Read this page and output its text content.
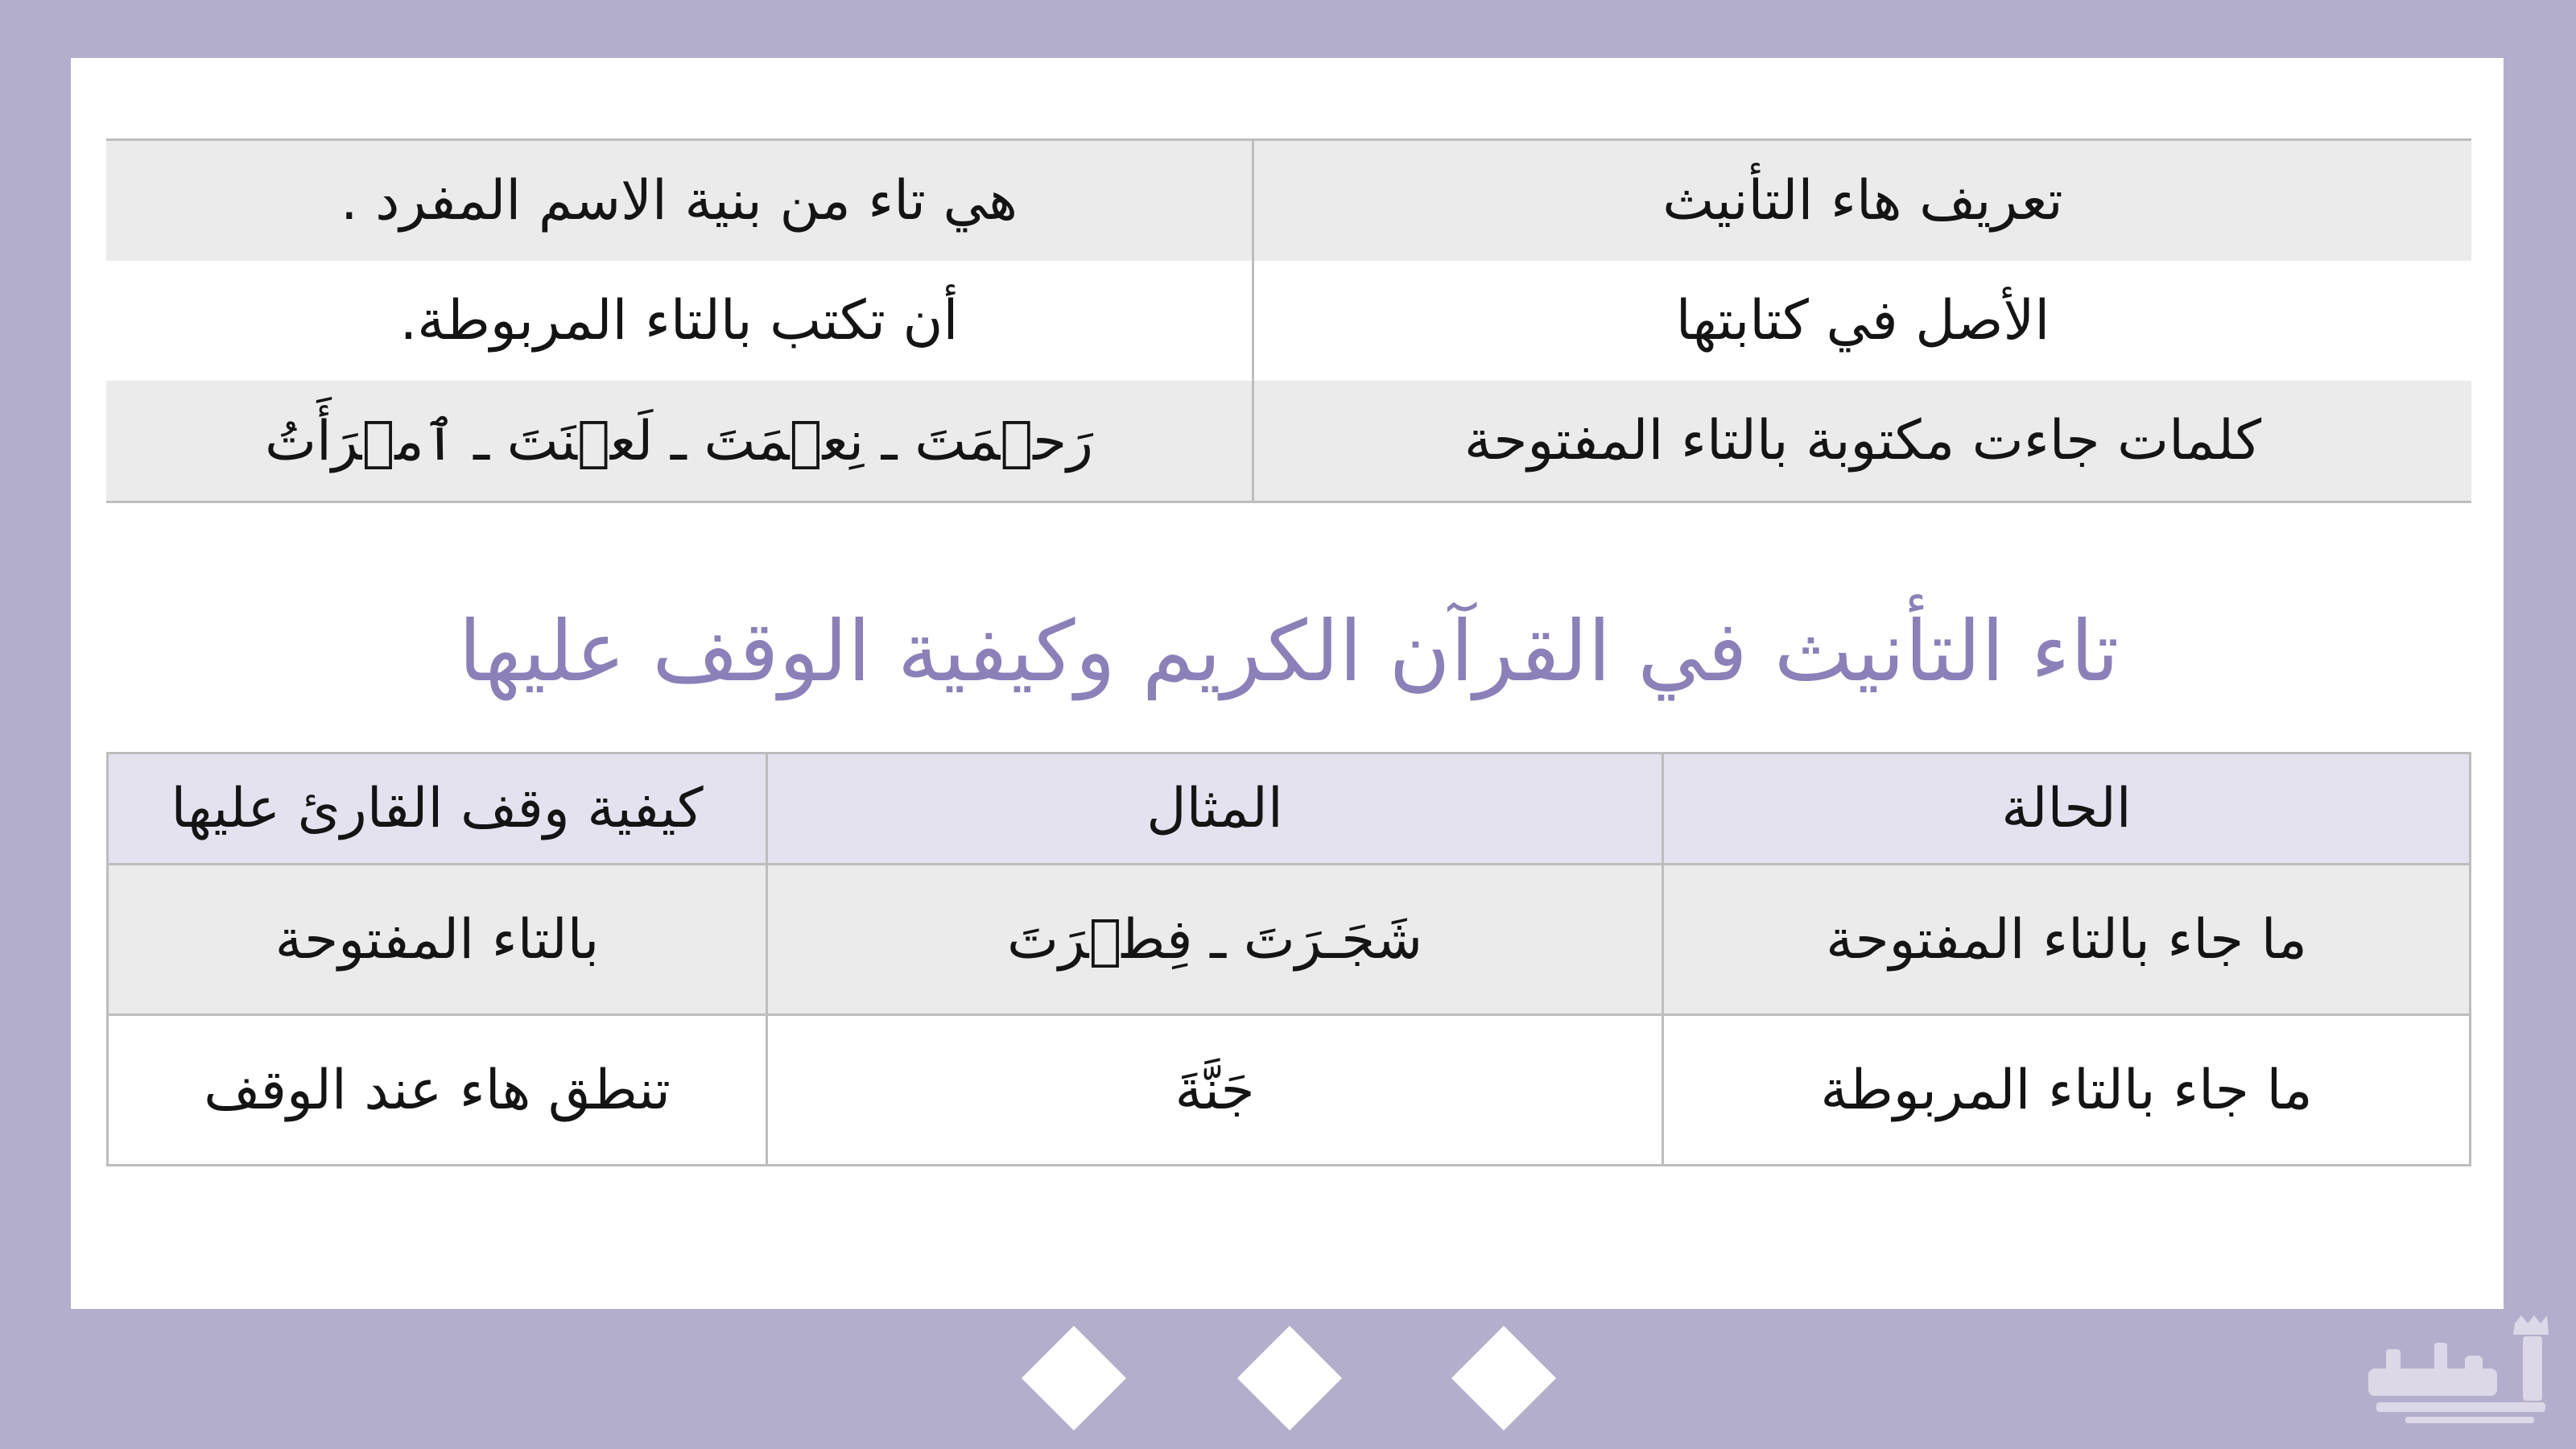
تعريف هاء التأنيث	هي تاء من بنية الاسم المفرد .
الأصل في كتابتها	أن تكتب بالتاء المربوطة.
كلمات جاءت مكتوبة بالتاء المفتوحة	رَحۡمَتَ ـ نِعۡمَتَ ـ لَعۡنَتَ ـ ٱمۡرَأَتُ
تاء التأنيث في القرآن الكريم وكيفية الوقف عليها
الحالة	المثال	كيفية وقف القارئ عليها
ما جاء بالتاء المفتوحة	شَجَـرَتَ ـ فِطۡرَتَ	بالتاء المفتوحة
ما جاء بالتاء المربوطة	جَنَّةَ	تنطق هاء عند الوقف
